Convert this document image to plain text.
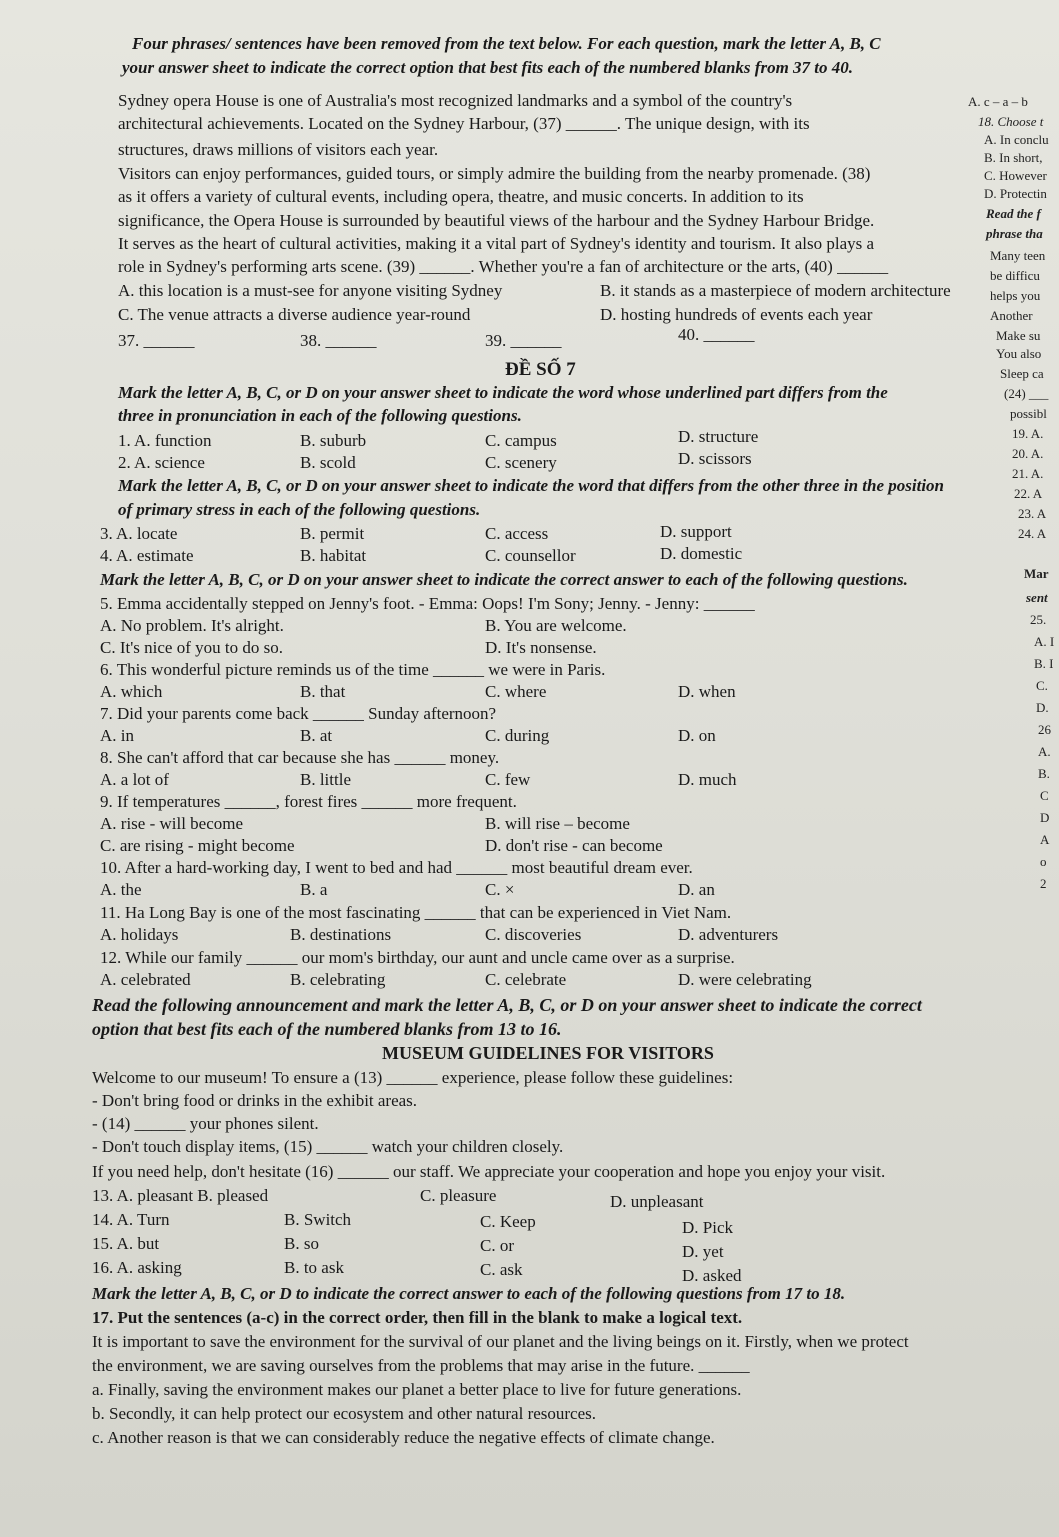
Four phrases/ sentences have been removed from the text below. For each question, mark the letter A, B, C
your answer sheet to indicate the correct option that best fits each of the numbered blanks from 37 to 40.
Sydney opera House is one of Australia's most recognized landmarks and a symbol of the country's
architectural achievements. Located on the Sydney Harbour, (37) ______. The unique design, with its
structures, draws millions of visitors each year.
Visitors can enjoy performances, guided tours, or simply admire the building from the nearby promenade. (38)
as it offers a variety of cultural events, including opera, theatre, and music concerts. In addition to its
significance, the Opera House is surrounded by beautiful views of the harbour and the Sydney Harbour Bridge.
It serves as the heart of cultural activities, making it a vital part of Sydney's identity and tourism. It also plays a
role in Sydney's performing arts scene. (39) ______. Whether you're a fan of architecture or the arts, (40) ______
A. this location is a must-see for anyone visiting Sydney	B. it stands as a masterpiece of modern architecture
C. The venue attracts a diverse audience year-round	D. hosting hundreds of events each year
37. ______	38. ______	39. ______	40. ______
ĐỀ SỐ 7
Mark the letter A, B, C, or D on your answer sheet to indicate the word whose underlined part differs from the
three in pronunciation in each of the following questions.
1. A. function	B. suburb	C. campus	D. structure
2. A. science	B. scold	C. scenery	D. scissors
Mark the letter A, B, C, or D on your answer sheet to indicate the word that differs from the other three in the position
of primary stress in each of the following questions.
3. A. locate	B. permit	C. access	D. support
4. A. estimate	B. habitat	C. counsellor	D. domestic
Mark the letter A, B, C, or D on your answer sheet to indicate the correct answer to each of the following questions.
5. Emma accidentally stepped on Jenny's foot. - Emma: Oops! I'm Sony; Jenny. - Jenny: ______
A. No problem. It's alright.	B. You are welcome.
C. It's nice of you to do so.	D. It's nonsense.
6. This wonderful picture reminds us of the time ______ we were in Paris.
A. which	B. that	C. where	D. when
7. Did your parents come back ______ Sunday afternoon?
A. in	B. at	C. during	D. on
8. She can't afford that car because she has ______ money.
A. a lot of	B. little	C. few	D. much
9. If temperatures ______, forest fires ______ more frequent.
A. rise - will become	B. will rise – become
C. are rising - might become	D. don't rise - can become
10. After a hard-working day, I went to bed and had ______ most beautiful dream ever.
A. the	B. a	C. ×	D. an
11. Ha Long Bay is one of the most fascinating ______ that can be experienced in Viet Nam.
A. holidays	B. destinations	C. discoveries	D. adventurers
12. While our family ______ our mom's birthday, our aunt and uncle came over as a surprise.
A. celebrated	B. celebrating	C. celebrate	D. were celebrating
Read the following announcement and mark the letter A, B, C, or D on your answer sheet to indicate the correct
option that best fits each of the numbered blanks from 13 to 16.
MUSEUM GUIDELINES FOR VISITORS
Welcome to our museum! To ensure a (13) ______ experience, please follow these guidelines:
- Don't bring food or drinks in the exhibit areas.
- (14) ______ your phones silent.
- Don't touch display items, (15) ______ watch your children closely.
If you need help, don't hesitate (16) ______ our staff. We appreciate your cooperation and hope you enjoy your visit.
13. A. pleasant B. pleased	C. pleasure	D. unpleasant
14. A. Turn	B. Switch	C. Keep	D. Pick
15. A. but	B. so	C. or	D. yet
16. A. asking	B. to ask	C. ask	D. asked
Mark the letter A, B, C, or D to indicate the correct answer to each of the following questions from 17 to 18.
17. Put the sentences (a-c) in the correct order, then fill in the blank to make a logical text.
It is important to save the environment for the survival of our planet and the living beings on it. Firstly, when we protect
the environment, we are saving ourselves from the problems that may arise in the future. ______
a. Finally, saving the environment makes our planet a better place to live for future generations.
b. Secondly, it can help protect our ecosystem and other natural resources.
c. Another reason is that we can considerably reduce the negative effects of climate change.
A. c – a – b
18. Choose t
A. In conclu
B. In short,
C. However
D. Protectin
Read the f
phrase tha
Many teen
be difficu
helps you
Another
Make su
You also
Sleep ca
(24) ___
possibl
19. A.
20. A.
21. A.
22. A
23. A
24. A
Mar
sent
25.
A. I
B. I
C.
D.
26
A.
B.
C
D
A
o
2
